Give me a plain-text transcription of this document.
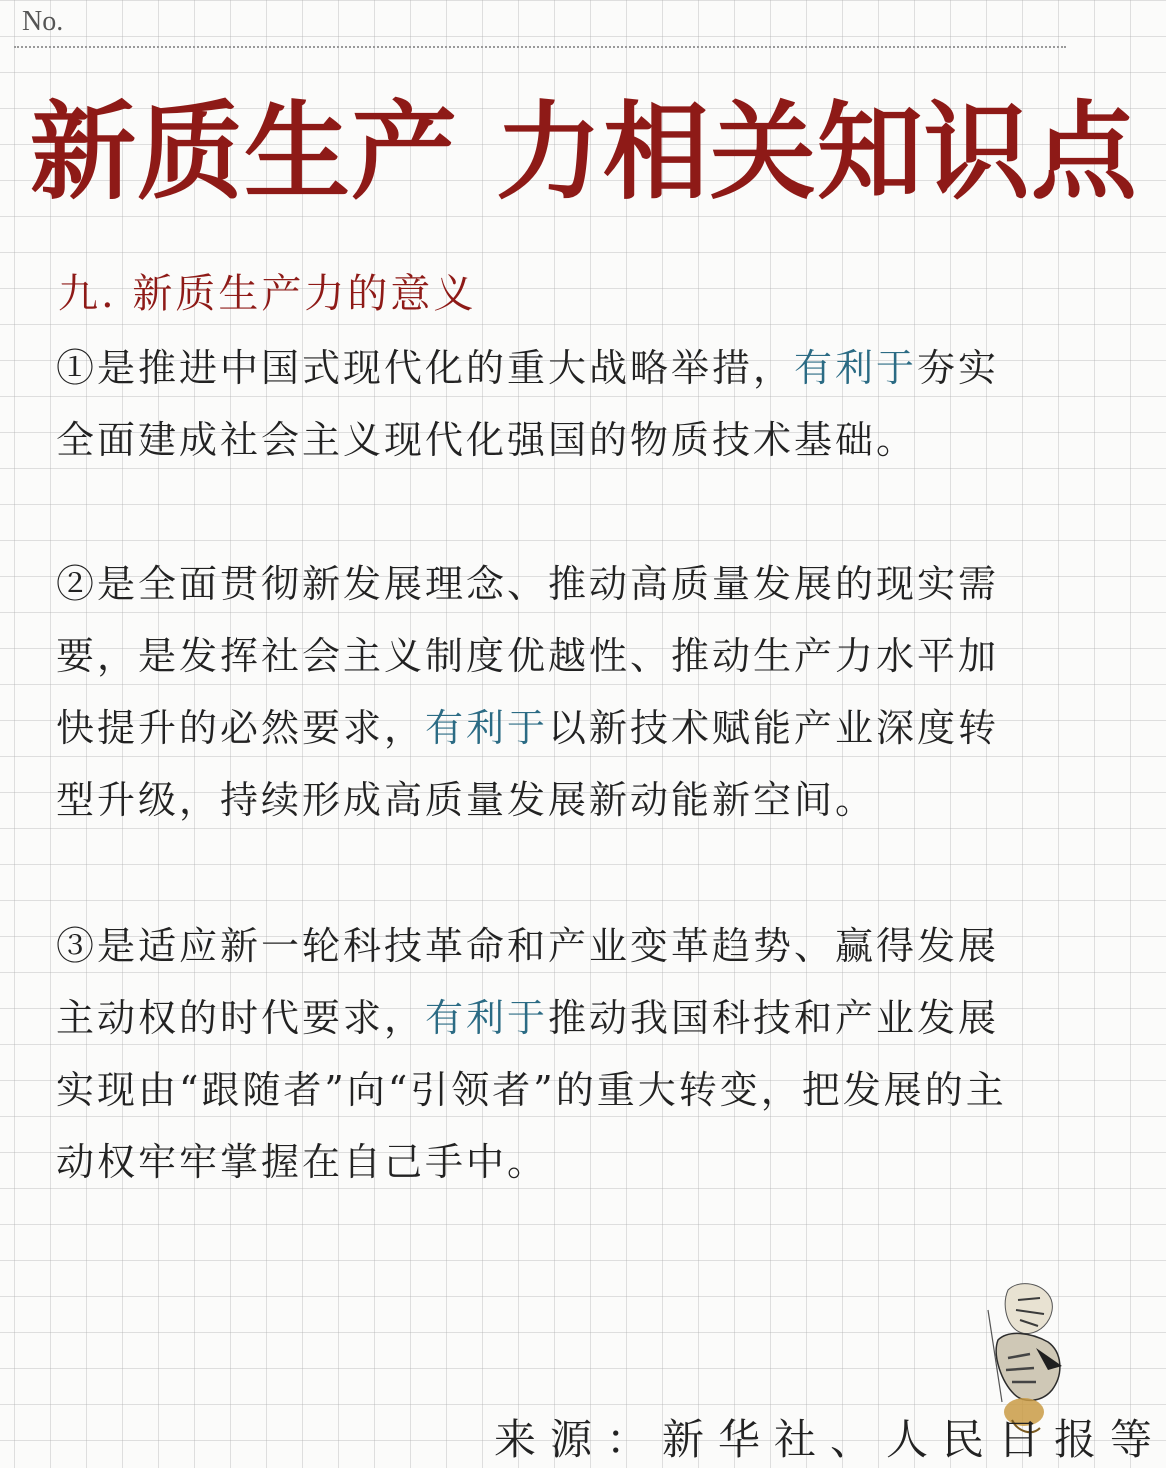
No.
新质生产 力相关知识点
九. 新质生产力的意义

①是推进中国式现代化的重大战略举措，有利于夯实全面建成社会主义现代化强国的物质技术基础。

②是全面贯彻新发展理念、推动高质量发展的现实需要，是发挥社会主义制度优越性、推动生产力水平加快提升的必然要求，有利于以新技术赋能产业深度转型升级，持续形成高质量发展新动能新空间。

③是适应新一轮科技革命和产业变革趋势、赢得发展主动权的时代要求，有利于推动我国科技和产业发展实现由“跟随者”向“引领者”的重大转变，把发展的主动权牢牢掌握在自己手中。

来源：新华社、人民日报等
